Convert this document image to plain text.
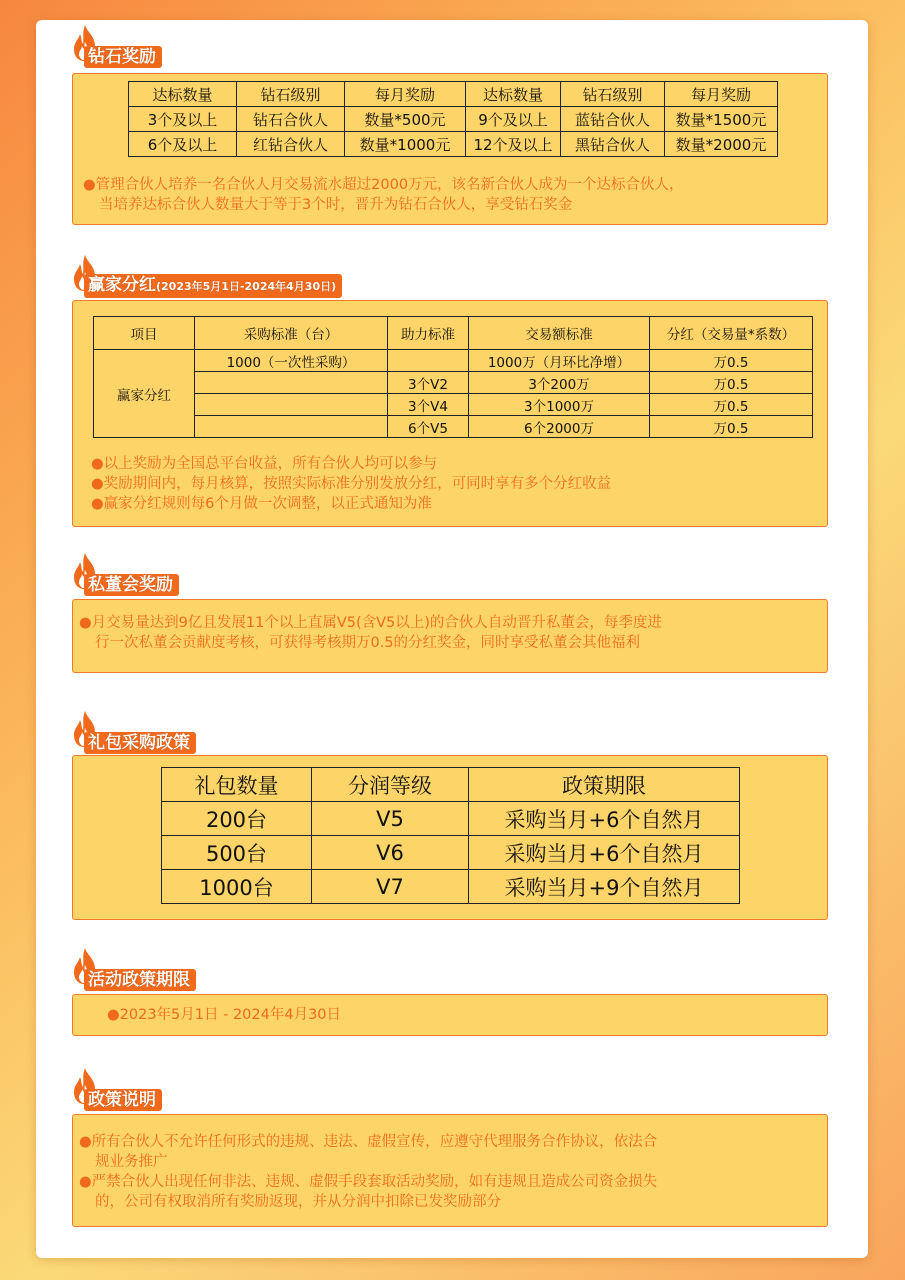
钻石奖励
达标数量	钻石级别	每月奖励	达标数量	钻石级别	每月奖励
3个及以上	钻石合伙人	数量*500元	9个及以上	蓝钻合伙人	数量*1500元
6个及以上	红钻合伙人	数量*1000元	12个及以上	黑钻合伙人	数量*2000元
●管理合伙人培养一名合伙人月交易流水超过2000万元，该名新合伙人成为一个达标合伙人，
当培养达标合伙人数量大于等于3个时，晋升为钻石合伙人，享受钻石奖金
赢家分红(2023年5月1日-2024年4月30日)
项目	采购标准（台）	助力标准	交易额标准	分红（交易量*系数）
赢家分红	1000（一次性采购）		1000万（月环比净增）	万0.5
		3个V2	3个200万	万0.5
		3个V4	3个1000万	万0.5
		6个V5	6个2000万	万0.5
●以上奖励为全国总平台收益，所有合伙人均可以参与
●奖励期间内，每月核算，按照实际标准分别发放分红，可同时享有多个分红收益
●赢家分红规则每6个月做一次调整，以正式通知为准
私董会奖励
●月交易量达到9亿且发展11个以上直属V5(含V5以上)的合伙人自动晋升私董会，每季度进
行一次私董会贡献度考核，可获得考核期万0.5的分红奖金，同时享受私董会其他福利
礼包采购政策
礼包数量	分润等级	政策期限
200台	V5	采购当月+6个自然月
500台	V6	采购当月+6个自然月
1000台	V7	采购当月+9个自然月
活动政策期限
●2023年5月1日 - 2024年4月30日
政策说明
●所有合伙人不允许任何形式的违规、违法、虚假宣传，应遵守代理服务合作协议，依法合
规业务推广
●严禁合伙人出现任何非法、违规、虚假手段套取活动奖励，如有违规且造成公司资金损失
的，公司有权取消所有奖励返现，并从分润中扣除已发奖励部分
